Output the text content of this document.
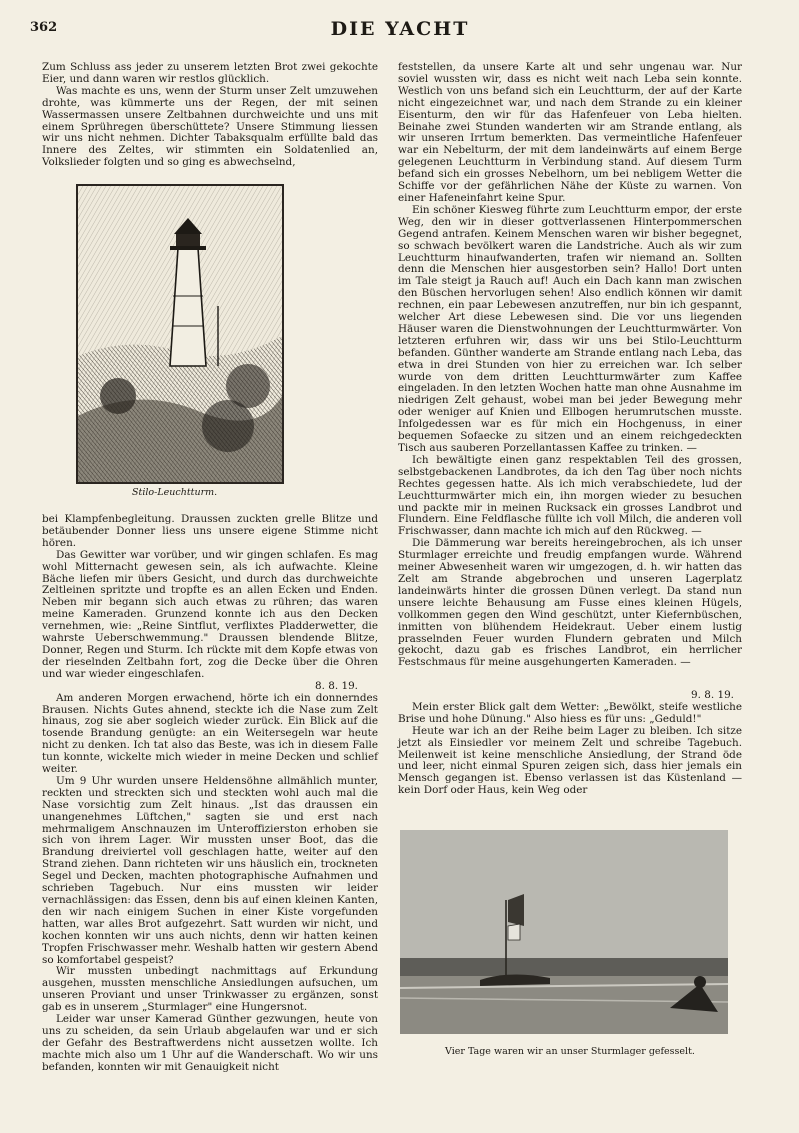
362	DIE YACHT

Zum Schluss ass jeder zu unserem letzten Brot zwei gekochte Eier, und dann waren wir restlos glücklich.

Was machte es uns, wenn der Sturm unser Zelt umzuwehen drohte, was kümmerte uns der Regen, der mit seinen Wassermassen unsere Zeltbahnen durchweichte und uns mit einem Sprühregen überschüttete? Unsere Stimmung liessen wir uns nicht nehmen. Dichter Tabaksqualm erfüllte bald das Innere des Zeltes, wir stimmten ein Soldatenlied an, Volkslieder folgten und so ging es abwechselnd,

Stilo-Leuchtturm.

bei Klampfenbegleitung. Draussen zuckten grelle Blitze und betäubender Donner liess uns unsere eigene Stimme nicht hören.

Das Gewitter war vorüber, und wir gingen schlafen. Es mag wohl Mitternacht gewesen sein, als ich aufwachte. Kleine Bäche liefen mir übers Gesicht, und durch das durchweichte Zeltleinen spritzte und tropfte es an allen Ecken und Enden. Neben mir begann sich auch etwas zu rühren; das waren meine Kameraden. Grunzend konnte ich aus den Decken vernehmen, wie: „Reine Sintflut, verflixtes Pladderwetter, die wahrste Ueberschwemmung." Draussen blendende Blitze, Donner, Regen und Sturm. Ich rückte mit dem Kopfe etwas von der rieselnden Zeltbahn fort, zog die Decke über die Ohren und war wieder eingeschlafen.

8. 8. 19.

Am anderen Morgen erwachend, hörte ich ein donnerndes Brausen. Nichts Gutes ahnend, steckte ich die Nase zum Zelt hinaus, zog sie aber sogleich wieder zurück. Ein Blick auf die tosende Brandung genügte: an ein Weitersegeln war heute nicht zu denken. Ich tat also das Beste, was ich in diesem Falle tun konnte, wickelte mich wieder in meine Decken und schlief weiter.

Um 9 Uhr wurden unsere Heldensöhne allmählich munter, reckten und streckten sich und steckten wohl auch mal die Nase vorsichtig zum Zelt hinaus. „Ist das draussen ein unangenehmes Lüftchen," sagten sie und erst nach mehrmaligem Anschnauzen im Unteroffizierston erhoben sie sich von ihrem Lager. Wir mussten unser Boot, das die Brandung dreiviertel voll geschlagen hatte, weiter auf den Strand ziehen. Dann richteten wir uns häuslich ein, trockneten Segel und Decken, machten photographische Aufnahmen und schrieben Tagebuch. Nur eins mussten wir leider vernachlässigen: das Essen, denn bis auf einen kleinen Kanten, den wir nach einigem Suchen in einer Kiste vorgefunden hatten, war alles Brot aufgezehrt. Satt wurden wir nicht, und kochen konnten wir uns auch nichts, denn wir hatten keinen Tropfen Frischwasser mehr. Weshalb hatten wir gestern Abend so komfortabel gespeist?

Wir mussten unbedingt nachmittags auf Erkundung ausgehen, mussten menschliche Ansiedlungen aufsuchen, um unseren Proviant und unser Trinkwasser zu ergänzen, sonst gab es in unserem „Sturmlager" eine Hungersnot.

Leider war unser Kamerad Günther gezwungen, heute von uns zu scheiden, da sein Urlaub abgelaufen war und er sich der Gefahr des Bestraftwerdens nicht aussetzen wollte. Ich machte mich also um 1 Uhr auf die Wanderschaft. Wo wir uns befanden, konnten wir mit Genauigkeit nicht

feststellen, da unsere Karte alt und sehr ungenau war. Nur soviel wussten wir, dass es nicht weit nach Leba sein konnte. Westlich von uns befand sich ein Leuchtturm, der auf der Karte nicht eingezeichnet war, und nach dem Strande zu ein kleiner Eisenturm, den wir für das Hafenfeuer von Leba hielten. Beinahe zwei Stunden wanderten wir am Strande entlang, als wir unseren Irrtum bemerkten. Das vermeintliche Hafenfeuer war ein Nebelturm, der mit dem landeinwärts auf einem Berge gelegenen Leuchtturm in Verbindung stand. Auf diesem Turm befand sich ein grosses Nebelhorn, um bei nebligem Wetter die Schiffe vor der gefährlichen Nähe der Küste zu warnen. Von einer Hafeneinfahrt keine Spur.

Ein schöner Kiesweg führte zum Leuchtturm empor, der erste Weg, den wir in dieser gottverlassenen Hinterpommerschen Gegend antrafen. Keinem Menschen waren wir bisher begegnet, so schwach bevölkert waren die Landstriche. Auch als wir zum Leuchtturm hinaufwanderten, trafen wir niemand an. Sollten denn die Menschen hier ausgestorben sein? Hallo! Dort unten im Tale steigt ja Rauch auf! Auch ein Dach kann man zwischen den Büschen hervorlugen sehen! Also endlich können wir damit rechnen, ein paar Lebewesen anzutreffen, nur bin ich gespannt, welcher Art diese Lebewesen sind. Die vor uns liegenden Häuser waren die Dienstwohnungen der Leuchtturmwärter. Von letzteren erfuhren wir, dass wir uns bei Stilo-Leuchtturm befanden. Günther wanderte am Strande entlang nach Leba, das etwa in drei Stunden von hier zu erreichen war. Ich selber wurde von dem dritten Leuchtturmwärter zum Kaffee eingeladen. In den letzten Wochen hatte man ohne Ausnahme im niedrigen Zelt gehaust, wobei man bei jeder Bewegung mehr oder weniger auf Knien und Ellbogen herumrutschen musste. Infolgedessen war es für mich ein Hochgenuss, in einer bequemen Sofaecke zu sitzen und an einem reichgedeckten Tisch aus sauberen Porzellantassen Kaffee zu trinken. —

Ich bewältigte einen ganz respektablen Teil des grossen, selbstgebackenen Landbrotes, da ich den Tag über noch nichts Rechtes gegessen hatte. Als ich mich verabschiedete, lud der Leuchtturmwärter mich ein, ihn morgen wieder zu besuchen und packte mir in meinen Rucksack ein grosses Landbrot und Flundern. Eine Feldflasche füllte ich voll Milch, die anderen voll Frischwasser, dann machte ich mich auf den Rückweg. —

Die Dämmerung war bereits hereingebrochen, als ich unser Sturmlager erreichte und freudig empfangen wurde. Während meiner Abwesenheit waren wir umgezogen, d. h. wir hatten das Zelt am Strande abgebrochen und unseren Lagerplatz landeinwärts hinter die grossen Dünen verlegt. Da stand nun unsere leichte Behausung am Fusse eines kleinen Hügels, vollkommen gegen den Wind geschützt, unter Kiefernbüschen, inmitten von blühendem Heidekraut. Ueber einem lustig prasselnden Feuer wurden Flundern gebraten und Milch gekocht, dazu gab es frisches Landbrot, ein herrlicher Festschmaus für meine ausgehungerten Kameraden. —

9. 8. 19.

Mein erster Blick galt dem Wetter: „Bewölkt, steife westliche Brise und hohe Dünung." Also hiess es für uns: „Geduld!"

Heute war ich an der Reihe beim Lager zu bleiben. Ich sitze jetzt als Einsiedler vor meinem Zelt und schreibe Tagebuch. Meilenweit ist keine menschliche Ansiedlung, der Strand öde und leer, nicht einmal Spuren zeigen sich, dass hier jemals ein Mensch gegangen ist. Ebenso verlassen ist das Küstenland — kein Dorf oder Haus, kein Weg oder

Vier Tage waren wir an unser Sturmlager gefesselt.
